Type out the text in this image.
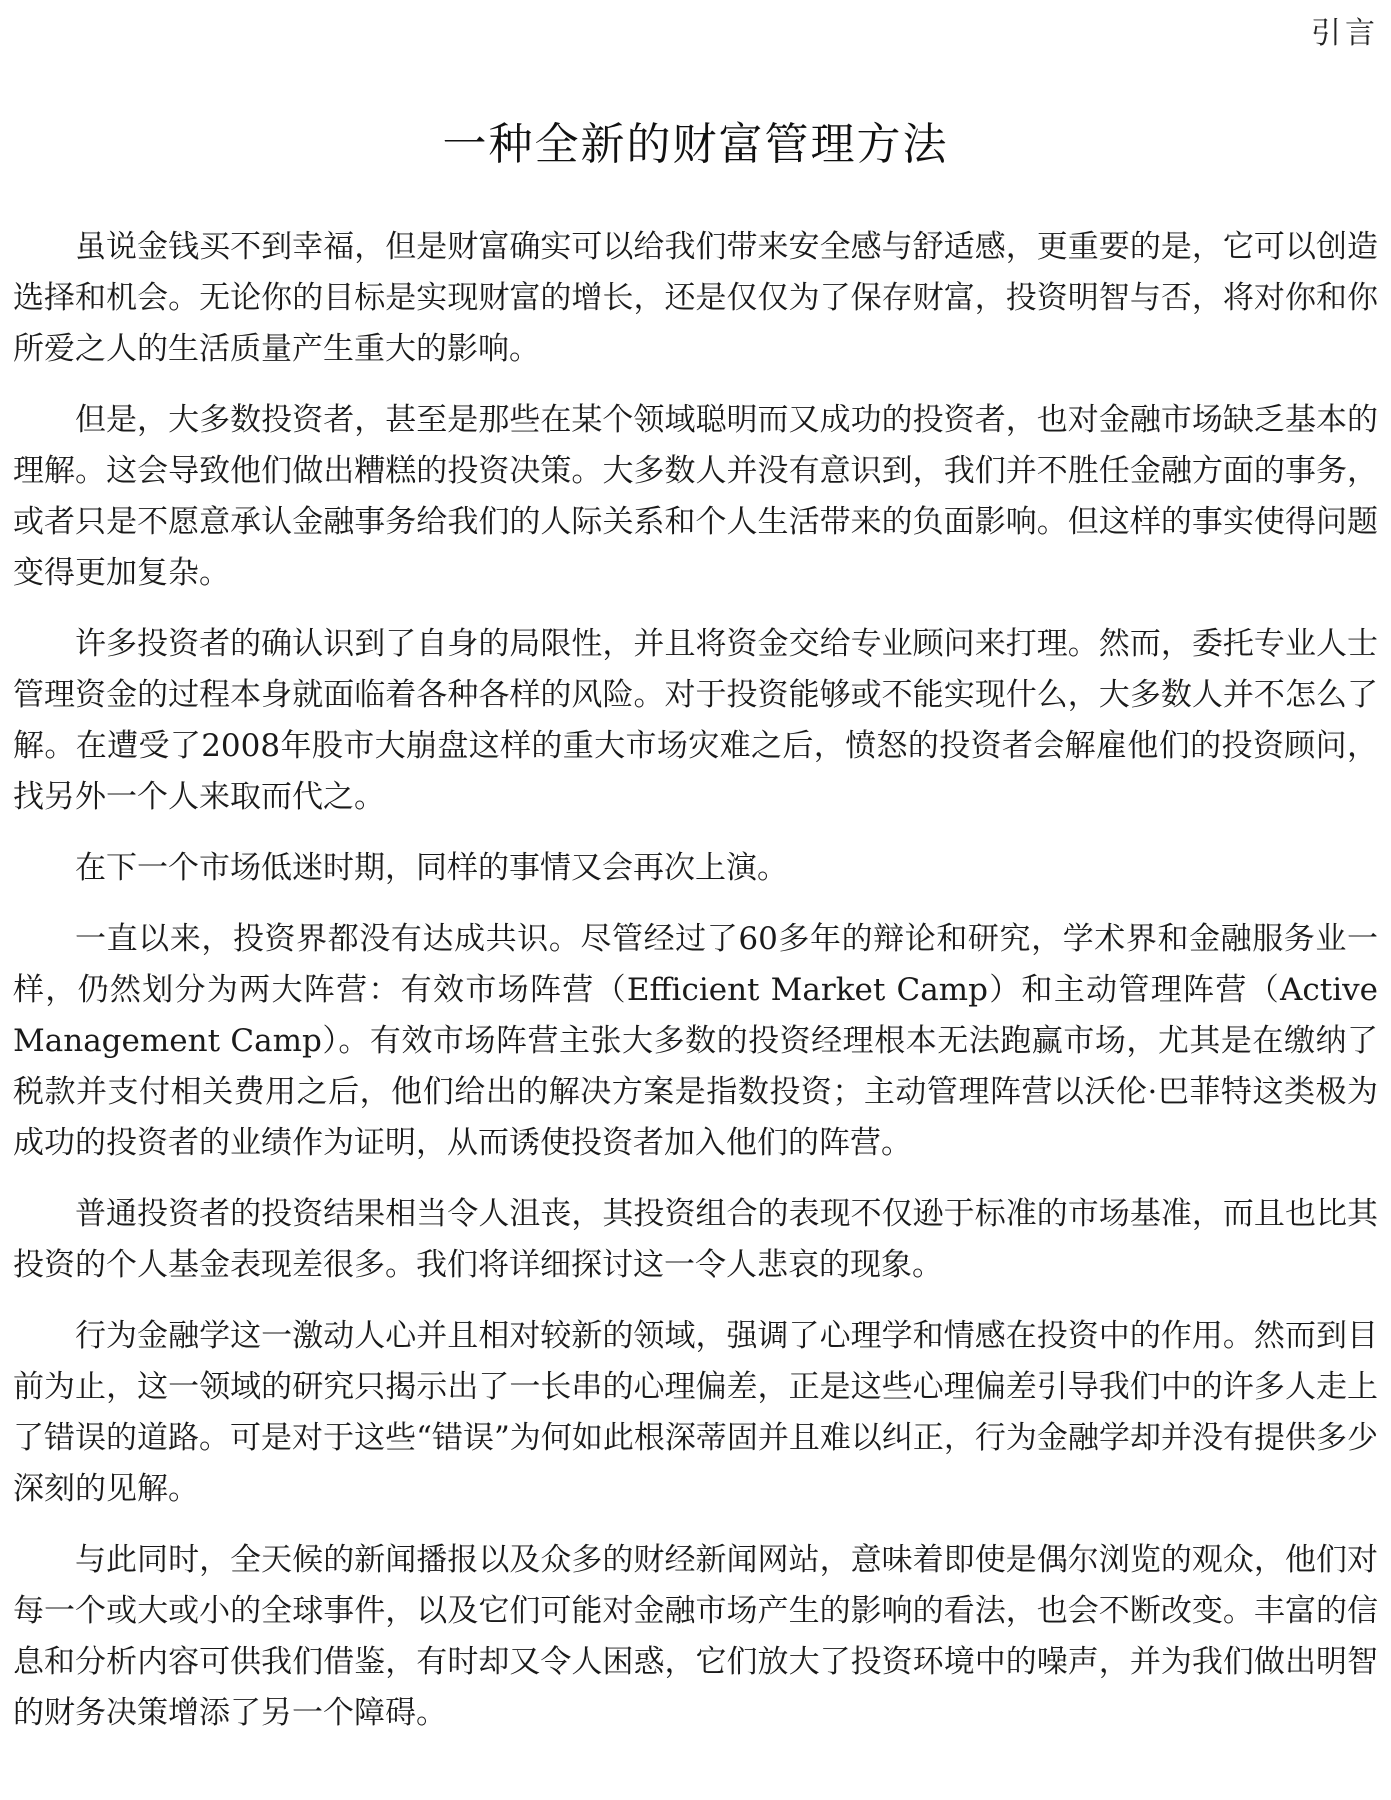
引言
一种全新的财富管理方法

虽说金钱买不到幸福，但是财富确实可以给我们带来安全感与舒适感，更重要的是，它可以创造选择和机会。无论你的目标是实现财富的增长，还是仅仅为了保存财富，投资明智与否，将对你和你所爱之人的生活质量产生重大的影响。

但是，大多数投资者，甚至是那些在某个领域聪明而又成功的投资者，也对金融市场缺乏基本的理解。这会导致他们做出糟糕的投资决策。大多数人并没有意识到，我们并不胜任金融方面的事务，或者只是不愿意承认金融事务给我们的人际关系和个人生活带来的负面影响。但这样的事实使得问题变得更加复杂。

许多投资者的确认识到了自身的局限性，并且将资金交给专业顾问来打理。然而，委托专业人士管理资金的过程本身就面临着各种各样的风险。对于投资能够或不能实现什么，大多数人并不怎么了解。在遭受了2008年股市大崩盘这样的重大市场灾难之后，愤怒的投资者会解雇他们的投资顾问，找另外一个人来取而代之。

在下一个市场低迷时期，同样的事情又会再次上演。

一直以来，投资界都没有达成共识。尽管经过了60多年的辩论和研究，学术界和金融服务业一样，仍然划分为两大阵营：有效市场阵营（Efficient Market Camp）和主动管理阵营（Active Management Camp）。有效市场阵营主张大多数的投资经理根本无法跑赢市场，尤其是在缴纳了税款并支付相关费用之后，他们给出的解决方案是指数投资；主动管理阵营以沃伦·巴菲特这类极为成功的投资者的业绩作为证明，从而诱使投资者加入他们的阵营。

普通投资者的投资结果相当令人沮丧，其投资组合的表现不仅逊于标准的市场基准，而且也比其投资的个人基金表现差很多。我们将详细探讨这一令人悲哀的现象。

行为金融学这一激动人心并且相对较新的领域，强调了心理学和情感在投资中的作用。然而到目前为止，这一领域的研究只揭示出了一长串的心理偏差，正是这些心理偏差引导我们中的许多人走上了错误的道路。可是对于这些“错误”为何如此根深蒂固并且难以纠正，行为金融学却并没有提供多少深刻的见解。

与此同时，全天候的新闻播报以及众多的财经新闻网站，意味着即使是偶尔浏览的观众，他们对每一个或大或小的全球事件，以及它们可能对金融市场产生的影响的看法，也会不断改变。丰富的信息和分析内容可供我们借鉴，有时却又令人困惑，它们放大了投资环境中的噪声，并为我们做出明智的财务决策增添了另一个障碍。
